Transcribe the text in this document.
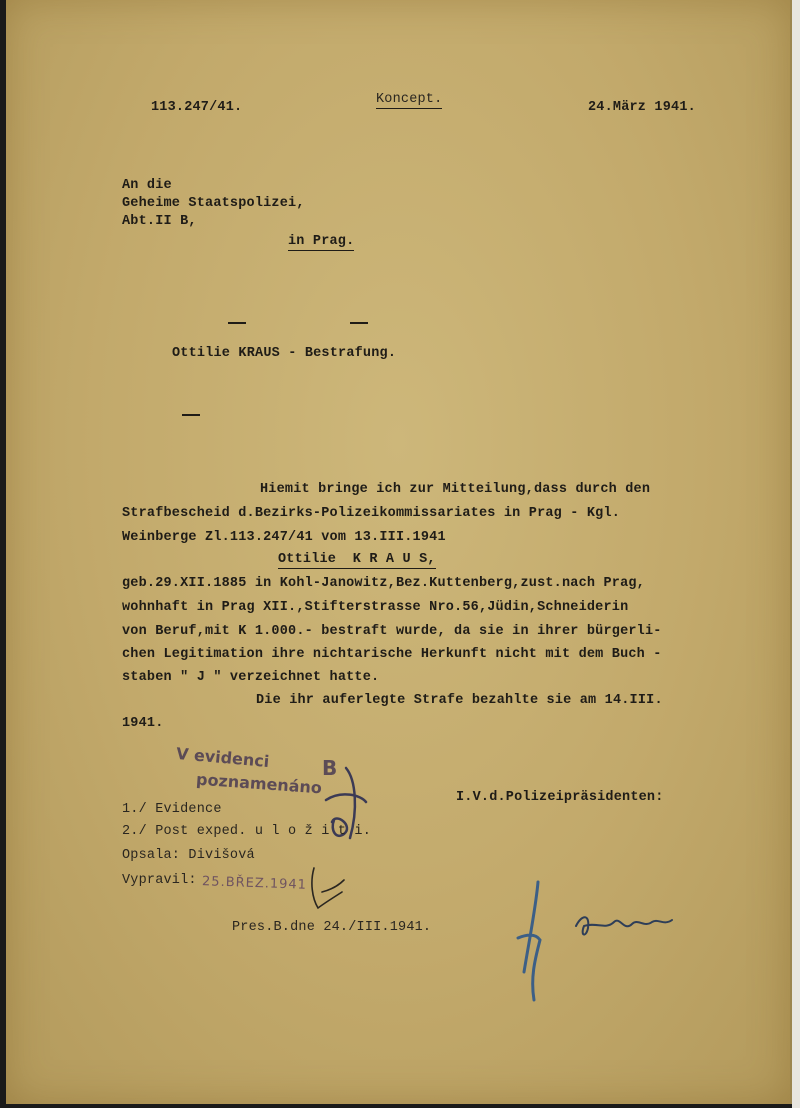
113.247/41.
Koncept.
24.März 1941.
An die
Geheime Staatspolizei,
Abt.II B,
in Prag.
Ottilie KRAUS - Bestrafung.
Hiemit bringe ich zur Mitteilung,dass durch den
Strafbescheid d.Bezirks-Polizeikommissariates in Prag - Kgl.
Weinberge Zl.113.247/41 vom 13.III.1941
Ottilie  K R A U S,
geb.29.XII.1885 in Kohl-Janowitz,Bez.Kuttenberg,zust.nach Prag,
wohnhaft in Prag XII.,Stifterstrasse Nro.56,Jüdin,Schneiderin
von Beruf,mit K 1.000.- bestraft wurde, da sie in ihrer bürgerli-
chen Legitimation ihre nichtarische Herkunft nicht mit dem Buch -
staben " J " verzeichnet hatte.
Die ihr auferlegte Strafe bezahlte sie am 14.III.
1941.
V evidenci
poznamenáno
B
I.V.d.Polizeipräsidenten:
1./ Evidence
2./ Post exped. u l o ž i t i.
Opsala: Divišová
Vypravil: 25.BŘEZ.1941
Pres.B.dne 24./III.1941.
